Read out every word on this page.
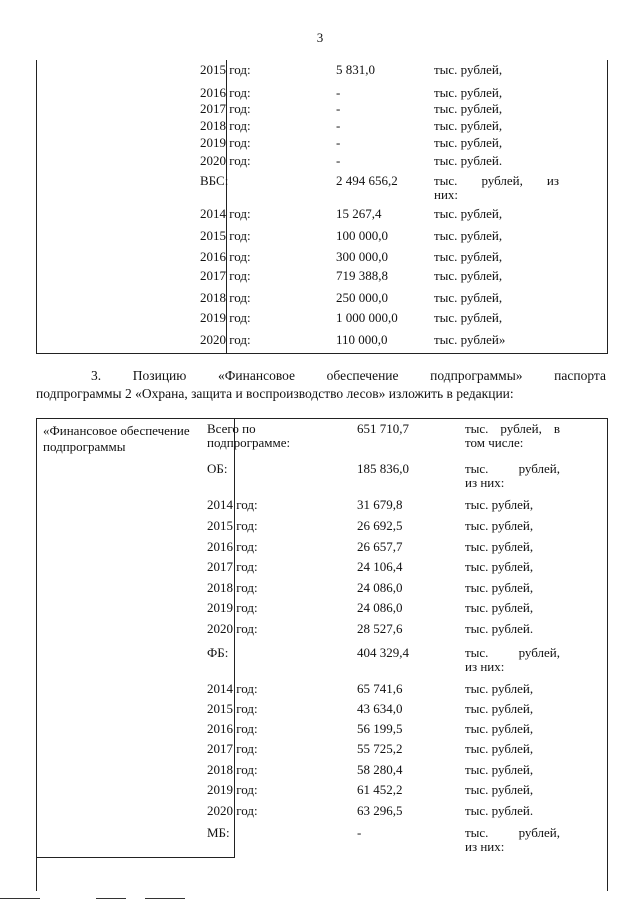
3
2015 год:	5 831,0	тыс. рублей,
2016 год:	-	тыс. рублей,
2017 год:	-	тыс. рублей,
2018 год:	-	тыс. рублей,
2019 год:	-	тыс. рублей,
2020 год:	-	тыс. рублей.
ВБС:	2 494 656,2	тыс. рублей, из
них:
2014 год:	15 267,4	тыс. рублей,
2015 год:	100 000,0	тыс. рублей,
2016 год:	300 000,0	тыс. рублей,
2017 год:	719 388,8	тыс. рублей,
2018 год:	250 000,0	тыс. рублей,
2019 год:	1 000 000,0	тыс. рублей,
2020 год:	110 000,0	тыс. рублей»
3. Позицию «Финансовое обеспечение подпрограммы» паспорта
подпрограммы 2 «Охрана, защита и воспроизводство лесов» изложить в редакции:
«Финансовое обеспечение подпрограммы
Всего по
подпрограмме:
651 710,7	тыс. рублей, в
том числе:
ОБ:	185 836,0	тыс. рублей,
из них:
2014 год:	31 679,8	тыс. рублей,
2015 год:	26 692,5	тыс. рублей,
2016 год:	26 657,7	тыс. рублей,
2017 год:	24 106,4	тыс. рублей,
2018 год:	24 086,0	тыс. рублей,
2019 год:	24 086,0	тыс. рублей,
2020 год:	28 527,6	тыс. рублей.
ФБ:	404 329,4	тыс. рублей,
из них:
2014 год:	65 741,6	тыс. рублей,
2015 год:	43 634,0	тыс. рублей,
2016 год:	56 199,5	тыс. рублей,
2017 год:	55 725,2	тыс. рублей,
2018 год:	58 280,4	тыс. рублей,
2019 год:	61 452,2	тыс. рублей,
2020 год:	63 296,5	тыс. рублей.
МБ:	-	тыс. рублей,
из них:
